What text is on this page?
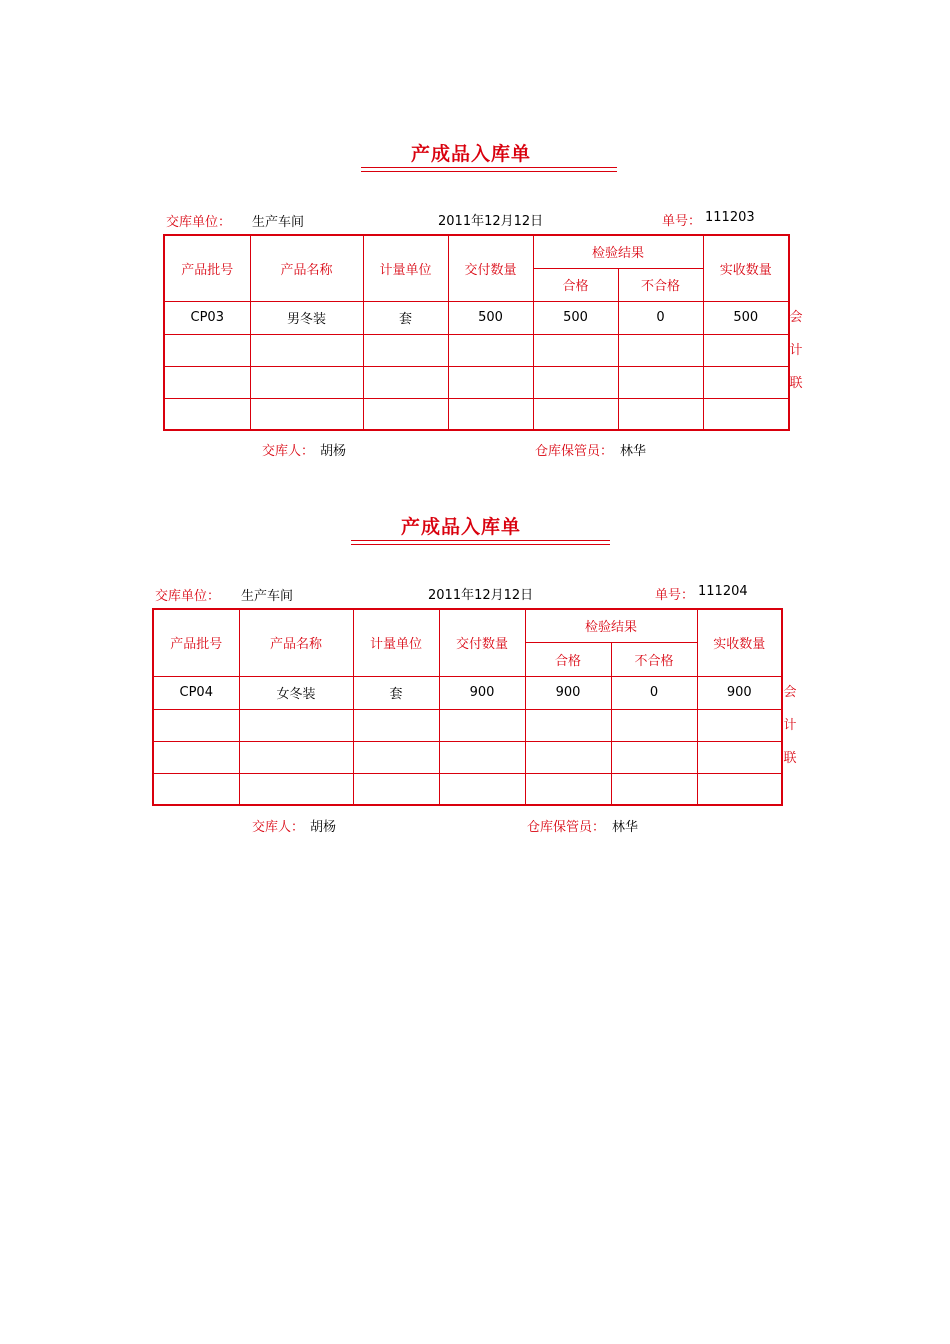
产成品入库单
交库单位： 生产车间	2011年12月12日	单号： 111203
产品批号	产品名称	计量单位	交付数量	检验结果		实收数量
				合格	不合格	
CP03	男冬装	套	500	500	0	500

						会
计
联
交库人： 胡杨	仓库保管员： 林华
产成品入库单
交库单位： 生产车间	2011年12月12日	单号： 111204
产品批号	产品名称	计量单位	交付数量	检验结果		实收数量
				合格	不合格	
CP04	女冬装	套	900	900	0	900

						会
计
联
交库人： 胡杨	仓库保管员： 林华
